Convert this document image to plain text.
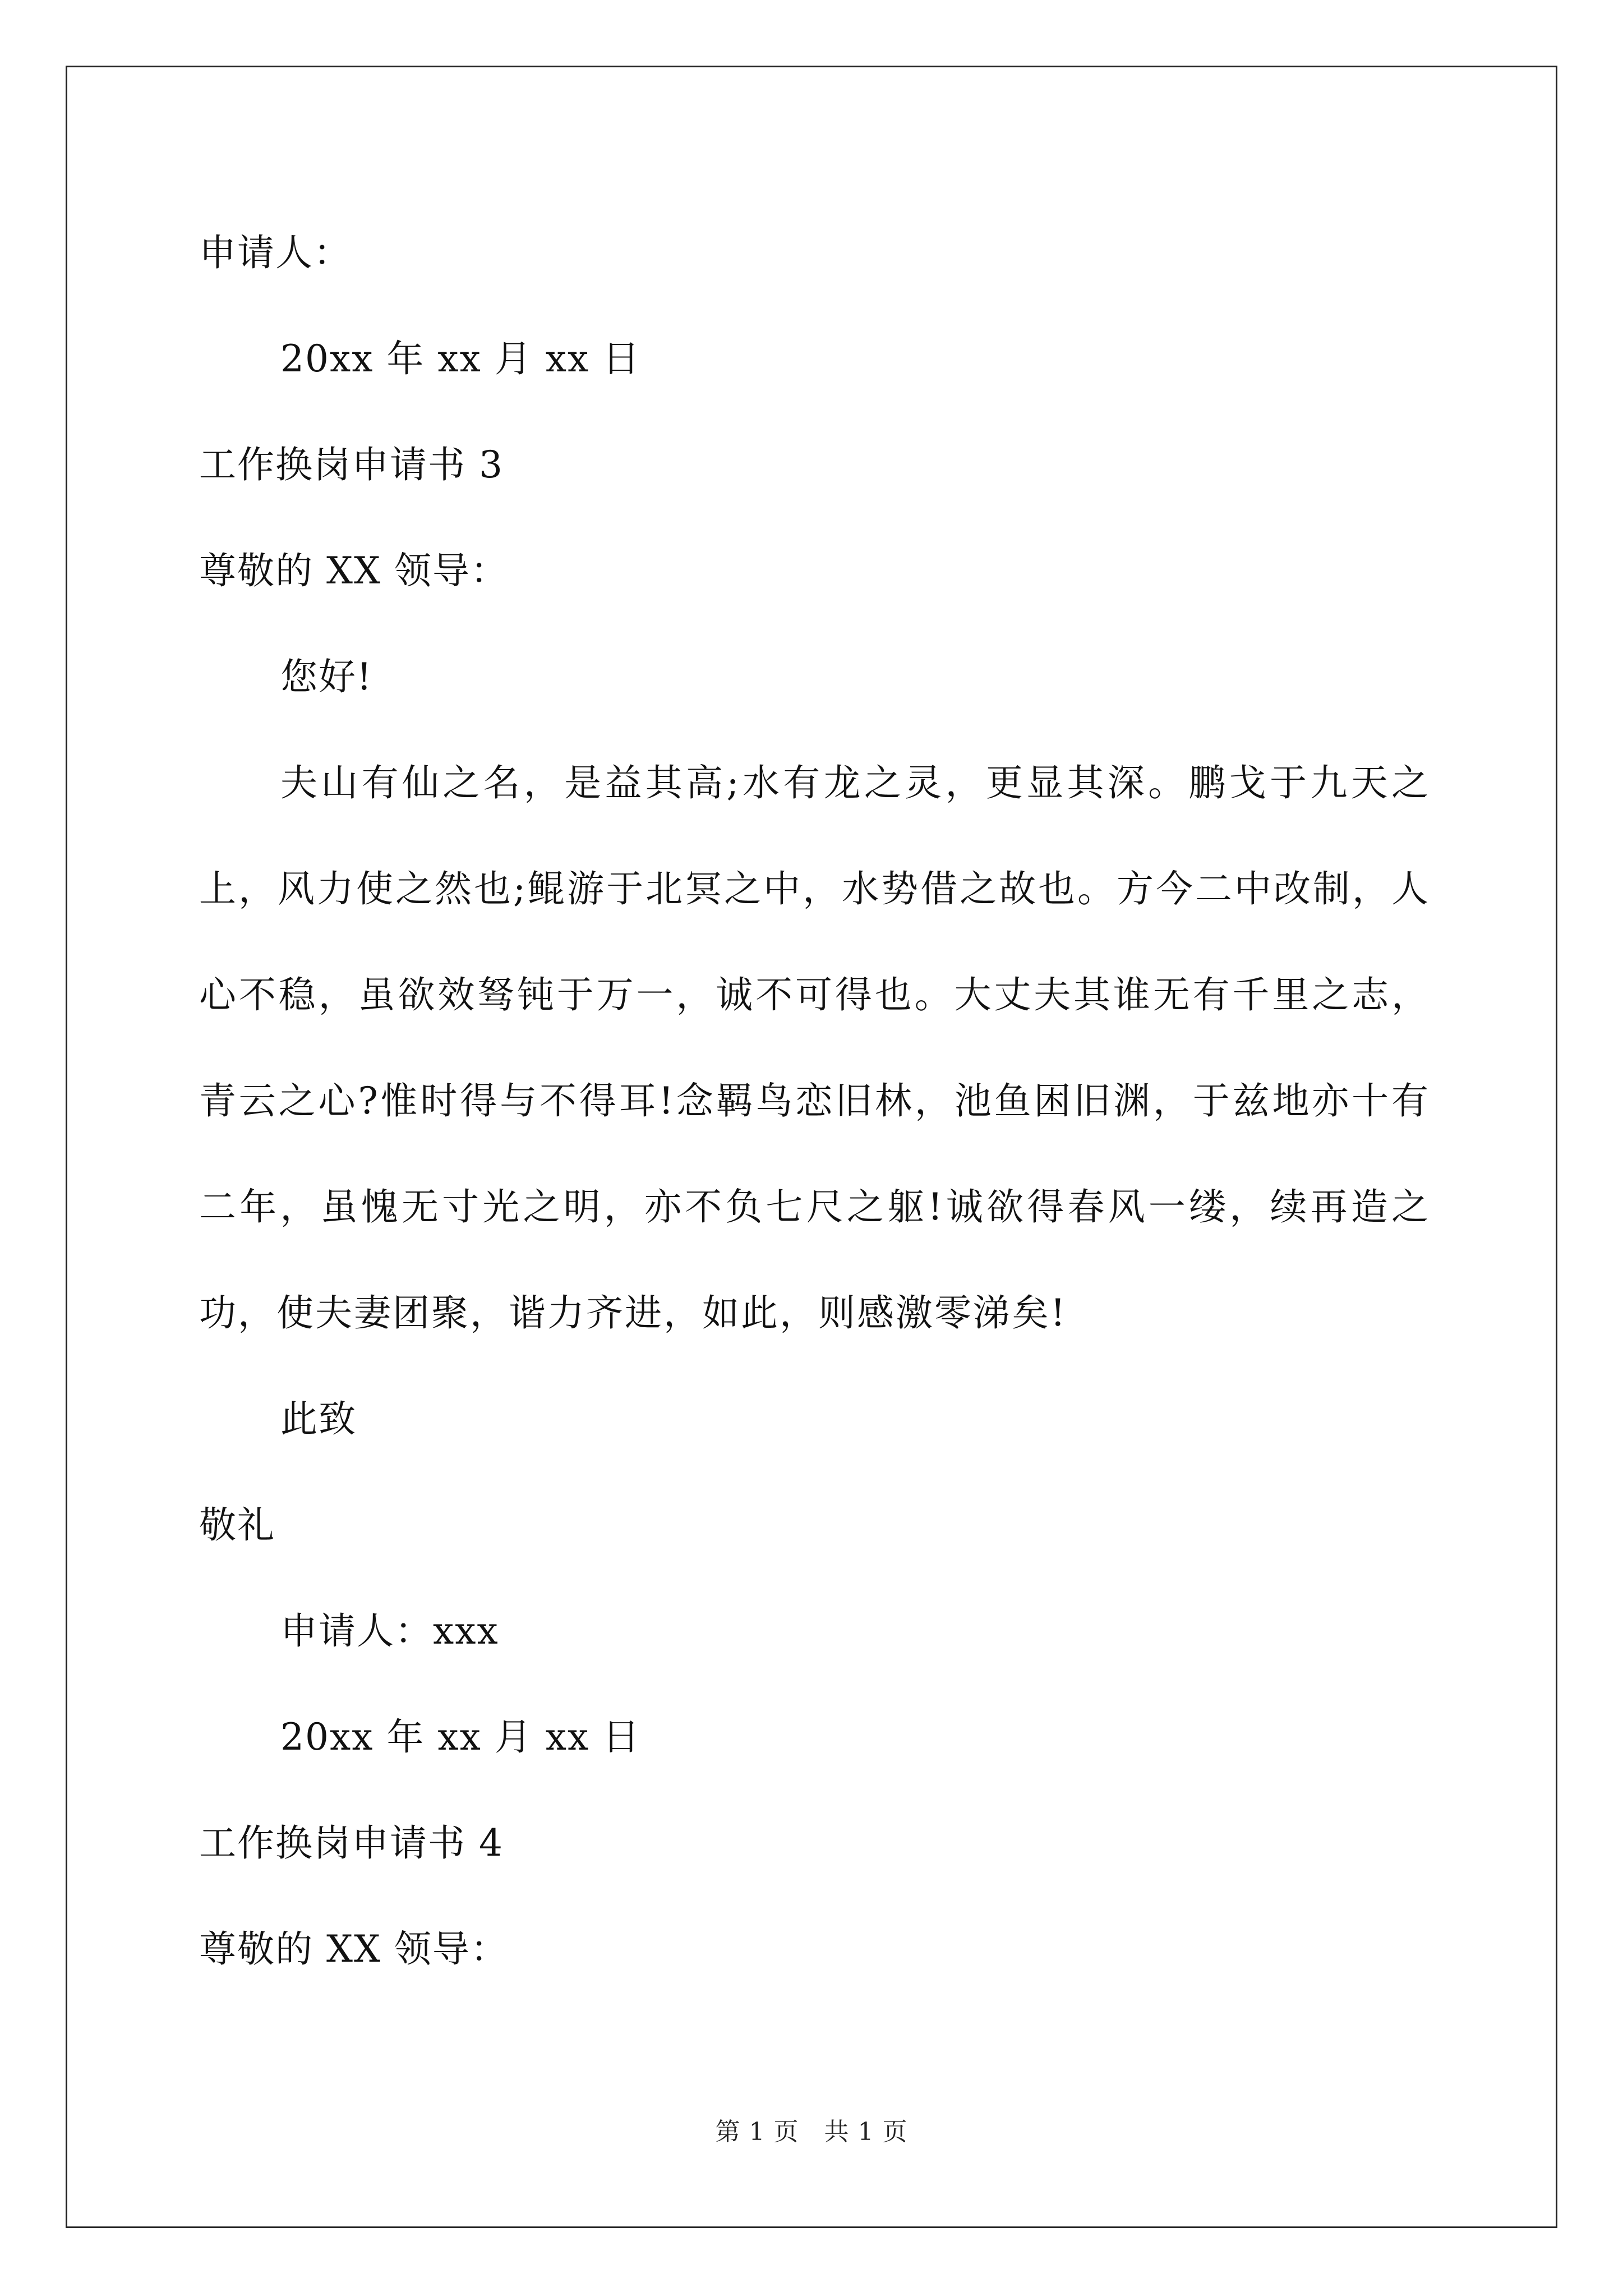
申请人：
20xx 年 xx 月 xx 日
工作换岗申请书 3
尊敬的 XX 领导：
您好!
夫山有仙之名，是益其高;水有龙之灵，更显其深。鹏戈于九天之上，风力使之然也;鲲游于北冥之中，水势借之故也。方今二中改制，人心不稳，虽欲效驽钝于万一，诚不可得也。大丈夫其谁无有千里之志，青云之心?惟时得与不得耳!念羁鸟恋旧林，池鱼困旧渊，于兹地亦十有二年，虽愧无寸光之明，亦不负七尺之躯!诚欲得春风一缕，续再造之功，使夫妻团聚，谐力齐进，如此，则感激零涕矣!
此致
敬礼
申请人：xxx
20xx 年 xx 月 xx 日
工作换岗申请书 4
尊敬的 XX 领导：
第 1 页　共 1 页
